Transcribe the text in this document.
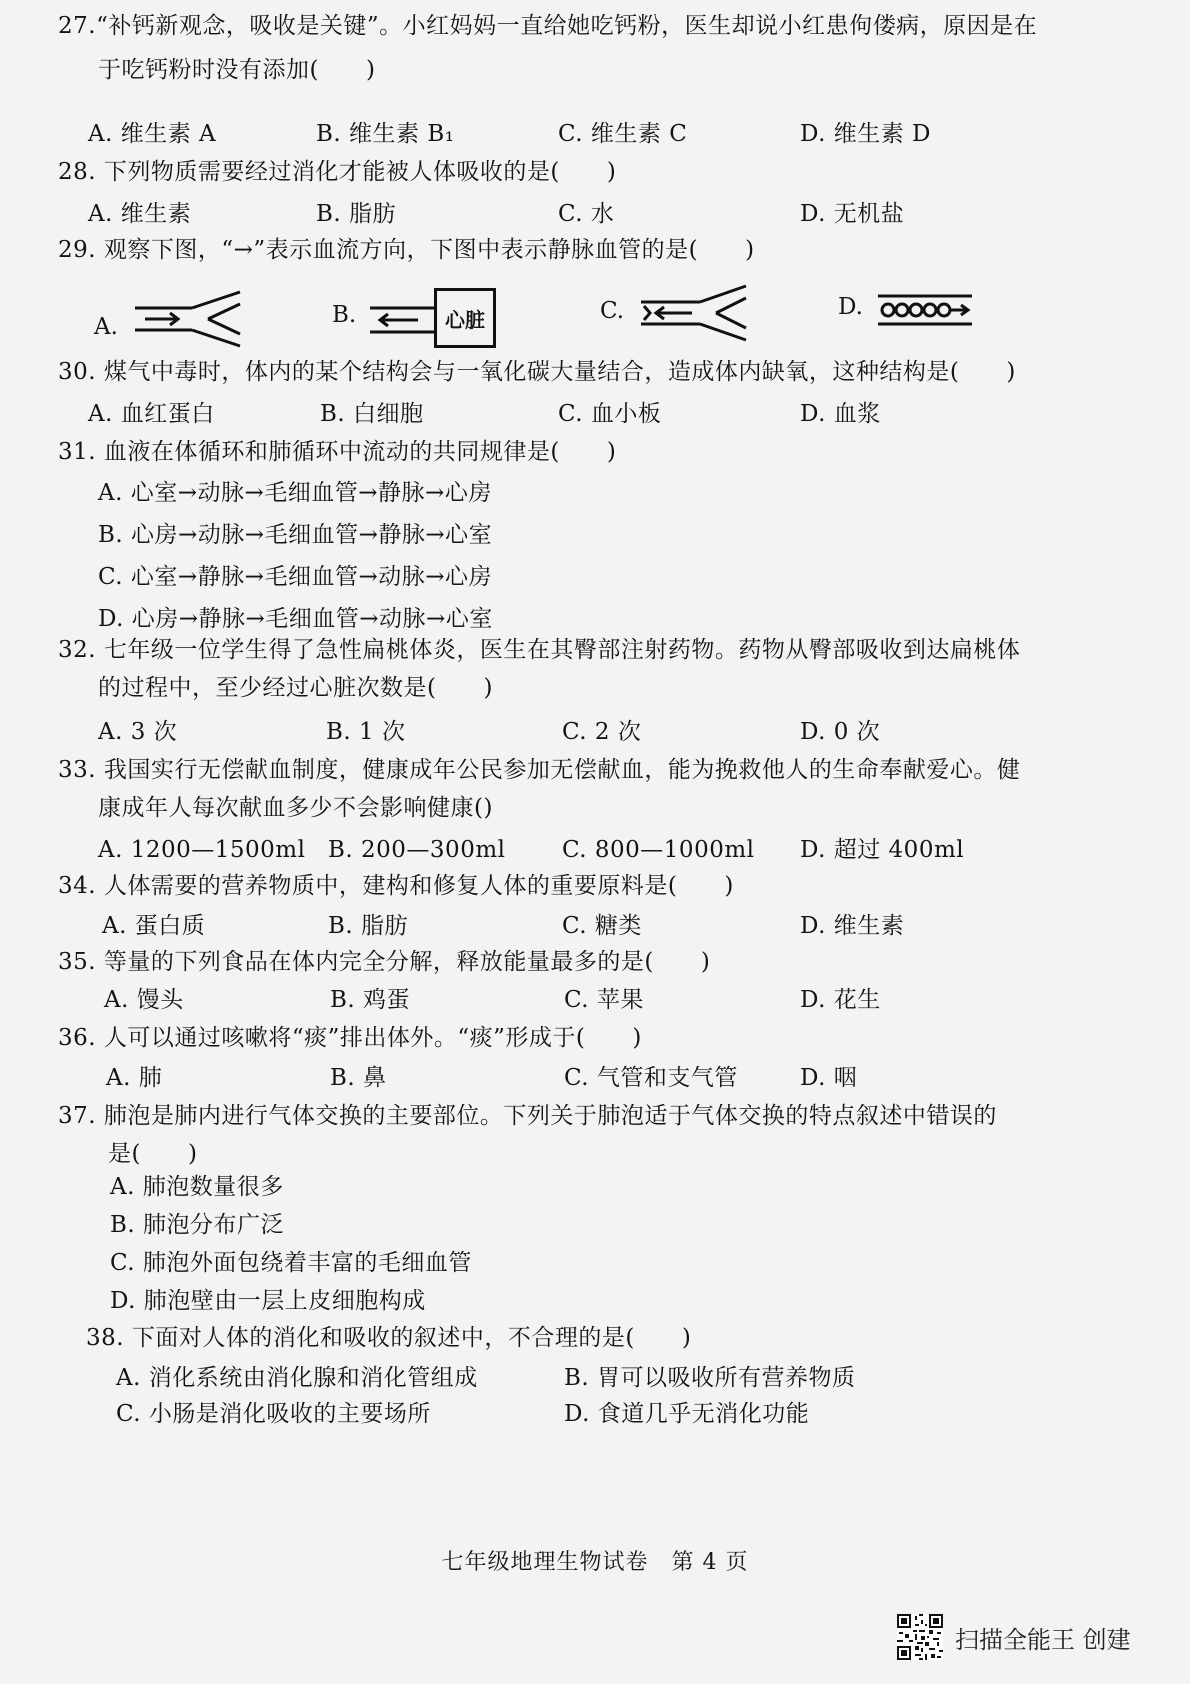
27.“补钙新观念，吸收是关键”。小红妈妈一直给她吃钙粉，医生却说小红患佝偻病，原因是在
于吃钙粉时没有添加(　　)
A. 维生素 A	B. 维生素 B₁	C. 维生素 C	D. 维生素 D
28. 下列物质需要经过消化才能被人体吸收的是(　　)
A. 维生素	B. 脂肪	C. 水	D. 无机盐
29. 观察下图，“→”表示血流方向，下图中表示静脉血管的是(　　)
A.	B.	心脏	C.	D.
30. 煤气中毒时，体内的某个结构会与一氧化碳大量结合，造成体内缺氧，这种结构是(　　)
A. 血红蛋白	B. 白细胞	C. 血小板	D. 血浆
31. 血液在体循环和肺循环中流动的共同规律是(　　)
A. 心室→动脉→毛细血管→静脉→心房
B. 心房→动脉→毛细血管→静脉→心室
C. 心室→静脉→毛细血管→动脉→心房
D. 心房→静脉→毛细血管→动脉→心室
32. 七年级一位学生得了急性扁桃体炎，医生在其臀部注射药物。药物从臀部吸收到达扁桃体
的过程中，至少经过心脏次数是(　　)
A. 3 次	B. 1 次	C. 2 次	D. 0 次
33. 我国实行无偿献血制度，健康成年公民参加无偿献血，能为挽救他人的生命奉献爱心。健
康成年人每次献血多少不会影响健康()
A. 1200—1500ml B. 200—300ml C. 800—1000ml D. 超过 400ml
34. 人体需要的营养物质中，建构和修复人体的重要原料是(　　)
A. 蛋白质	B. 脂肪	C. 糖类	D. 维生素
35. 等量的下列食品在体内完全分解，释放能量最多的是(　　)
A. 馒头	B. 鸡蛋	C. 苹果	D. 花生
36. 人可以通过咳嗽将“痰”排出体外。“痰”形成于(　　)
A. 肺	B. 鼻	C. 气管和支气管	D. 咽
37. 肺泡是肺内进行气体交换的主要部位。下列关于肺泡适于气体交换的特点叙述中错误的
是(　　)
A. 肺泡数量很多
B. 肺泡分布广泛
C. 肺泡外面包绕着丰富的毛细血管
D. 肺泡壁由一层上皮细胞构成
38. 下面对人体的消化和吸收的叙述中，不合理的是(　　)
A. 消化系统由消化腺和消化管组成	B. 胃可以吸收所有营养物质
C. 小肠是消化吸收的主要场所	D. 食道几乎无消化功能
七年级地理生物试卷　第 4 页
扫描全能王 创建
